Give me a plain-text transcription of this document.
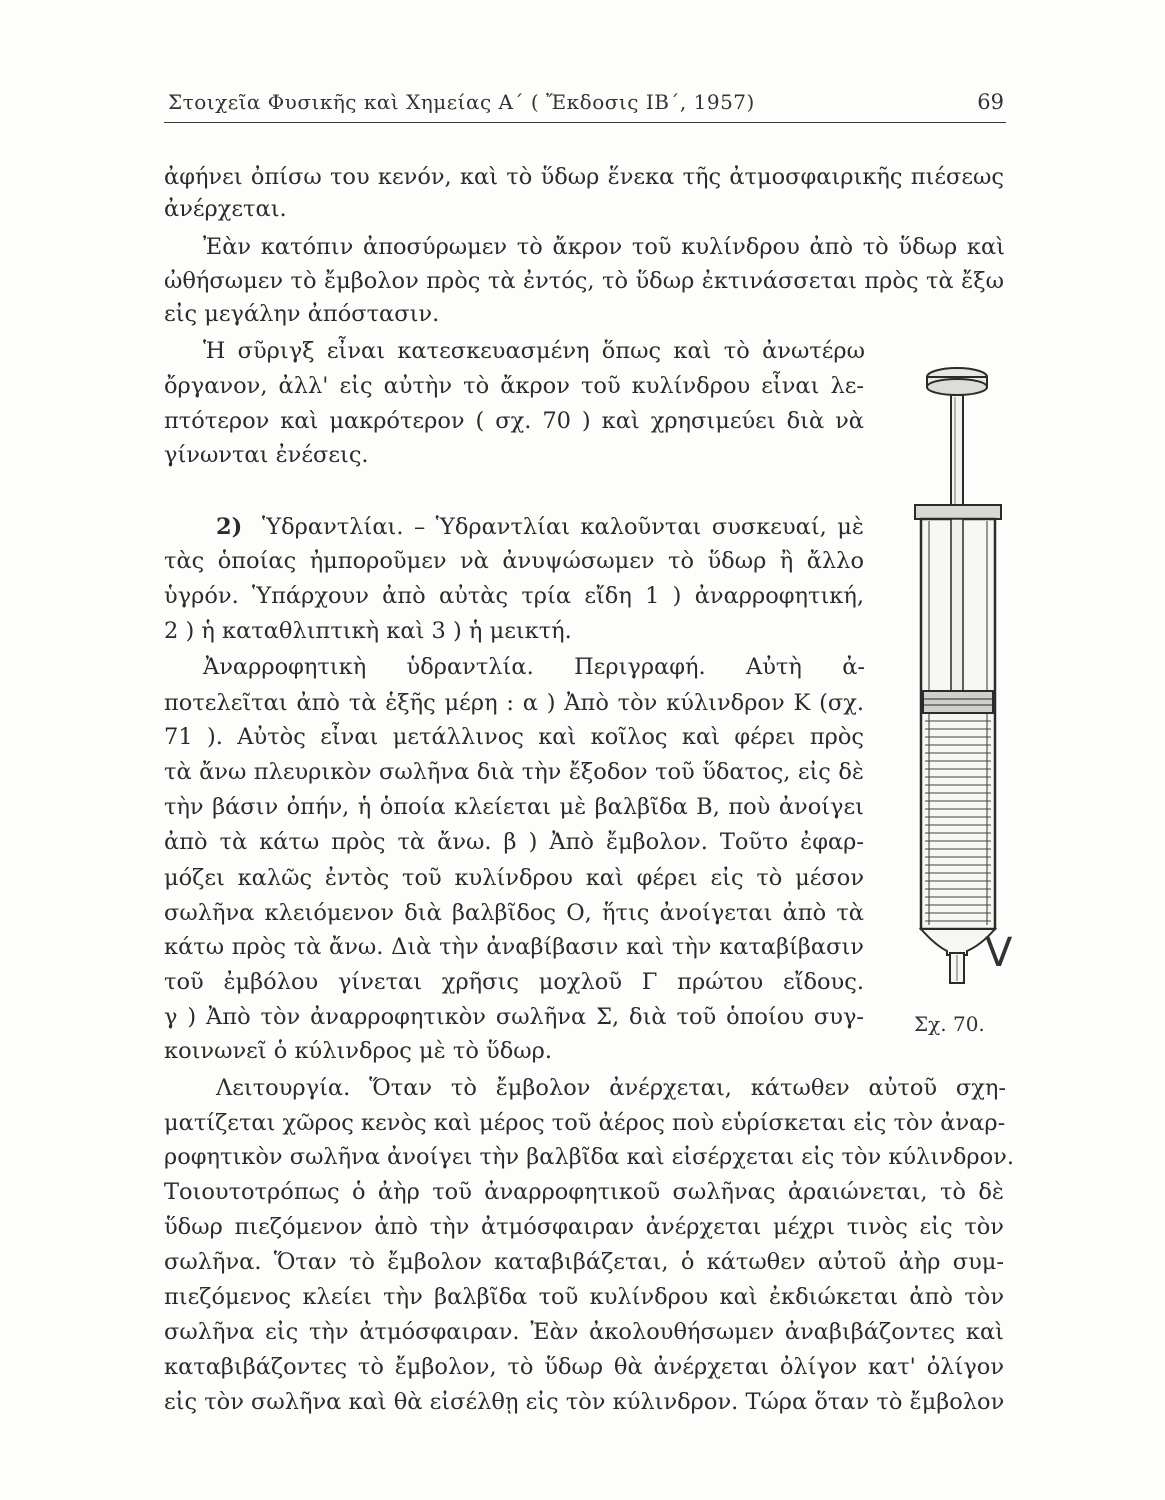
Στοιχεῖα Φυσικῆς καὶ Χημείας Α΄ ( Ἔκδοσις ΙΒ΄, 1957)	69
ἀφήνει ὀπίσω του κενόν, καὶ τὸ ὕδωρ ἕνεκα τῆς ἀτμοσφαιρικῆς πιέσεως
ἀνέρχεται.
Ἐὰν κατόπιν ἀποσύρωμεν τὸ ἄκρον τοῦ κυλίνδρου ἀπὸ τὸ ὕδωρ καὶ
ὠθήσωμεν τὸ ἔμβολον πρὸς τὰ ἐντός, τὸ ὕδωρ ἐκτινάσσεται πρὸς τὰ ἔξω
εἰς μεγάλην ἀπόστασιν.
Ἡ σῦριγξ εἶναι κατεσκευασμένη ὅπως καὶ τὸ ἀνωτέρω
ὄργανον, ἀλλ' εἰς αὐτὴν τὸ ἄκρον τοῦ κυλίνδρου εἶναι λε-
πτότερον καὶ μακρότερον ( σχ. 70 ) καὶ χρησιμεύει διὰ νὰ
γίνωνται ἐνέσεις.
2) Ὑδραντλίαι. – Ὑδραντλίαι καλοῦνται συσκευαί, μὲ
τὰς ὁποίας ἠμποροῦμεν νὰ ἀνυψώσωμεν τὸ ὕδωρ ἢ ἄλλο
ὑγρόν. Ὑπάρχουν ἀπὸ αὐτὰς τρία εἴδη 1 ) ἀναρροφητική,
2 ) ἡ καταθλιπτικὴ καὶ 3 ) ἡ μεικτή.
Ἀναρροφητικὴ ὑδραντλία. Περιγραφή. Αὐτὴ ἀ-
ποτελεῖται ἀπὸ τὰ ἑξῆς μέρη : α ) Ἀπὸ τὸν κύλινδρον Κ (σχ.
71 ). Αὐτὸς εἶναι μετάλλινος καὶ κοῖλος καὶ φέρει πρὸς
τὰ ἄνω πλευρικὸν σωλῆνα διὰ τὴν ἔξοδον τοῦ ὕδατος, εἰς δὲ
τὴν βάσιν ὀπήν, ἡ ὁποία κλείεται μὲ βαλβῖδα Β, ποὺ ἀνοίγει
ἀπὸ τὰ κάτω πρὸς τὰ ἄνω. β ) Ἀπὸ ἔμβολον. Τοῦτο ἐφαρ-
μόζει καλῶς ἐντὸς τοῦ κυλίνδρου καὶ φέρει εἰς τὸ μέσον
σωλῆνα κλειόμενον διὰ βαλβῖδος Ο, ἥτις ἀνοίγεται ἀπὸ τὰ
κάτω πρὸς τὰ ἄνω. Διὰ τὴν ἀναβίβασιν καὶ τὴν καταβίβασιν
τοῦ ἐμβόλου γίνεται χρῆσις μοχλοῦ Γ πρώτου εἴδους.
γ ) Ἀπὸ τὸν ἀναρροφητικὸν σωλῆνα Σ, διὰ τοῦ ὁποίου συγ-
κοινωνεῖ ὁ κύλινδρος μὲ τὸ ὕδωρ.
Λειτουργία. Ὅταν τὸ ἔμβολον ἀνέρχεται, κάτωθεν αὐτοῦ σχη-
ματίζεται χῶρος κενὸς καὶ μέρος τοῦ ἀέρος ποὺ εὑρίσκεται εἰς τὸν ἀναρ-
ροφητικὸν σωλῆνα ἀνοίγει τὴν βαλβῖδα καὶ εἰσέρχεται εἰς τὸν κύλινδρον.
Τοιουτοτρόπως ὁ ἀὴρ τοῦ ἀναρροφητικοῦ σωλῆνας ἀραιώνεται, τὸ δὲ
ὕδωρ πιεζόμενον ἀπὸ τὴν ἀτμόσφαιραν ἀνέρχεται μέχρι τινὸς εἰς τὸν
σωλῆνα. Ὅταν τὸ ἔμβολον καταβιβάζεται, ὁ κάτωθεν αὐτοῦ ἀὴρ συμ-
πιεζόμενος κλείει τὴν βαλβῖδα τοῦ κυλίνδρου καὶ ἐκδιώκεται ἀπὸ τὸν
σωλῆνα εἰς τὴν ἀτμόσφαιραν. Ἐὰν ἀκολουθήσωμεν ἀναβιβάζοντες καὶ
καταβιβάζοντες τὸ ἔμβολον, τὸ ὕδωρ θὰ ἀνέρχεται ὀλίγον κατ' ὀλίγον
εἰς τὸν σωλῆνα καὶ θὰ εἰσέλθῃ εἰς τὸν κύλινδρον. Τώρα ὅταν τὸ ἔμβολον
V
Σχ. 70.
